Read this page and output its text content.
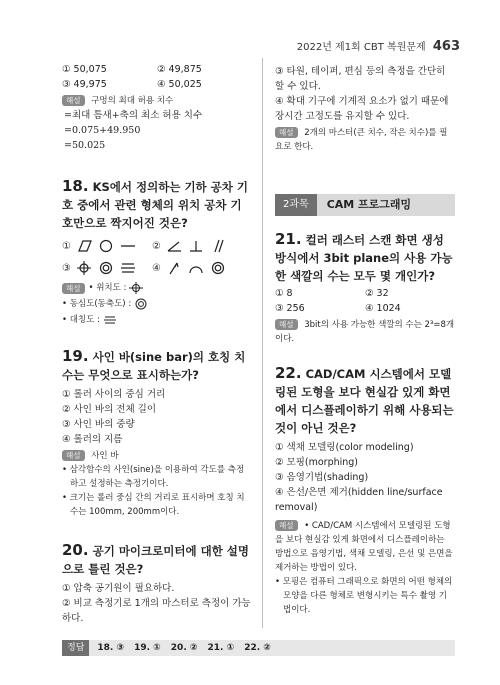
2022년 제1회 CBT 복원문제 463
① 50,075	② 49,875
③ 49,975	④ 50,025
해설 구멍의 최대 허용 치수
=최대 틈새+축의 최소 허용 치수
=0.075+49.950
=50.025
18. KS에서 정의하는 기하 공차 기호 중에서 관련 형체의 위치 공차 기호만으로 짝지어진 것은?
①	②
③	④
해설 • 위치도 :
• 동심도(동축도) :
• 대칭도 :
19. 사인 바(sine bar)의 호칭 치수는 무엇으로 표시하는가?
① 롤러 사이의 중심 거리
② 사인 바의 전체 길이
③ 사인 바의 중량
④ 롤러의 지름
해설 사인 바
• 삼각함수의 사인(sine)을 이용하여 각도를 측정하고 설정하는 측정기이다.
• 크기는 롤러 중심 간의 거리로 표시하며 호칭 치수는 100mm, 200mm이다.
20. 공기 마이크로미터에 대한 설명으로 틀린 것은?
① 압축 공기원이 필요하다.
② 비교 측정기로 1개의 마스터로 측정이 가능하다.
③ 타원, 테이퍼, 편심 등의 측정을 간단히 할 수 있다.
④ 확대 기구에 기계적 요소가 없기 때문에 장시간 고정도를 유지할 수 있다.
해설 2개의 마스터(큰 치수, 작은 치수)를 필요로 한다.
2과목	CAM 프로그래밍
21. 컬러 래스터 스캔 화면 생성 방식에서 3bit plane의 사용 가능한 색깔의 수는 모두 몇 개인가?
① 8	② 32
③ 256	④ 1024
해설 3bit의 사용 가능한 색깔의 수는 2³=8개이다.
22. CAD/CAM 시스템에서 모델링된 도형을 보다 현실감 있게 화면에서 디스플레이하기 위해 사용되는 것이 아닌 것은?
① 색채 모델링(color modeling)
② 모핑(morphing)
③ 음영기법(shading)
④ 은선/은면 제거(hidden line/surface removal)
해설 • CAD/CAM 시스템에서 모델링된 도형을 보다 현실감 있게 화면에서 디스플레이하는 방법으로 음영기법, 색채 모델링, 은선 및 은면을 제거하는 방법이 있다.
• 모핑은 컴퓨터 그래픽으로 화면의 어떤 형체의 모양을 다른 형체로 변형시키는 특수 촬영 기법이다.
정답	18. ③ 19. ① 20. ② 21. ① 22. ②
